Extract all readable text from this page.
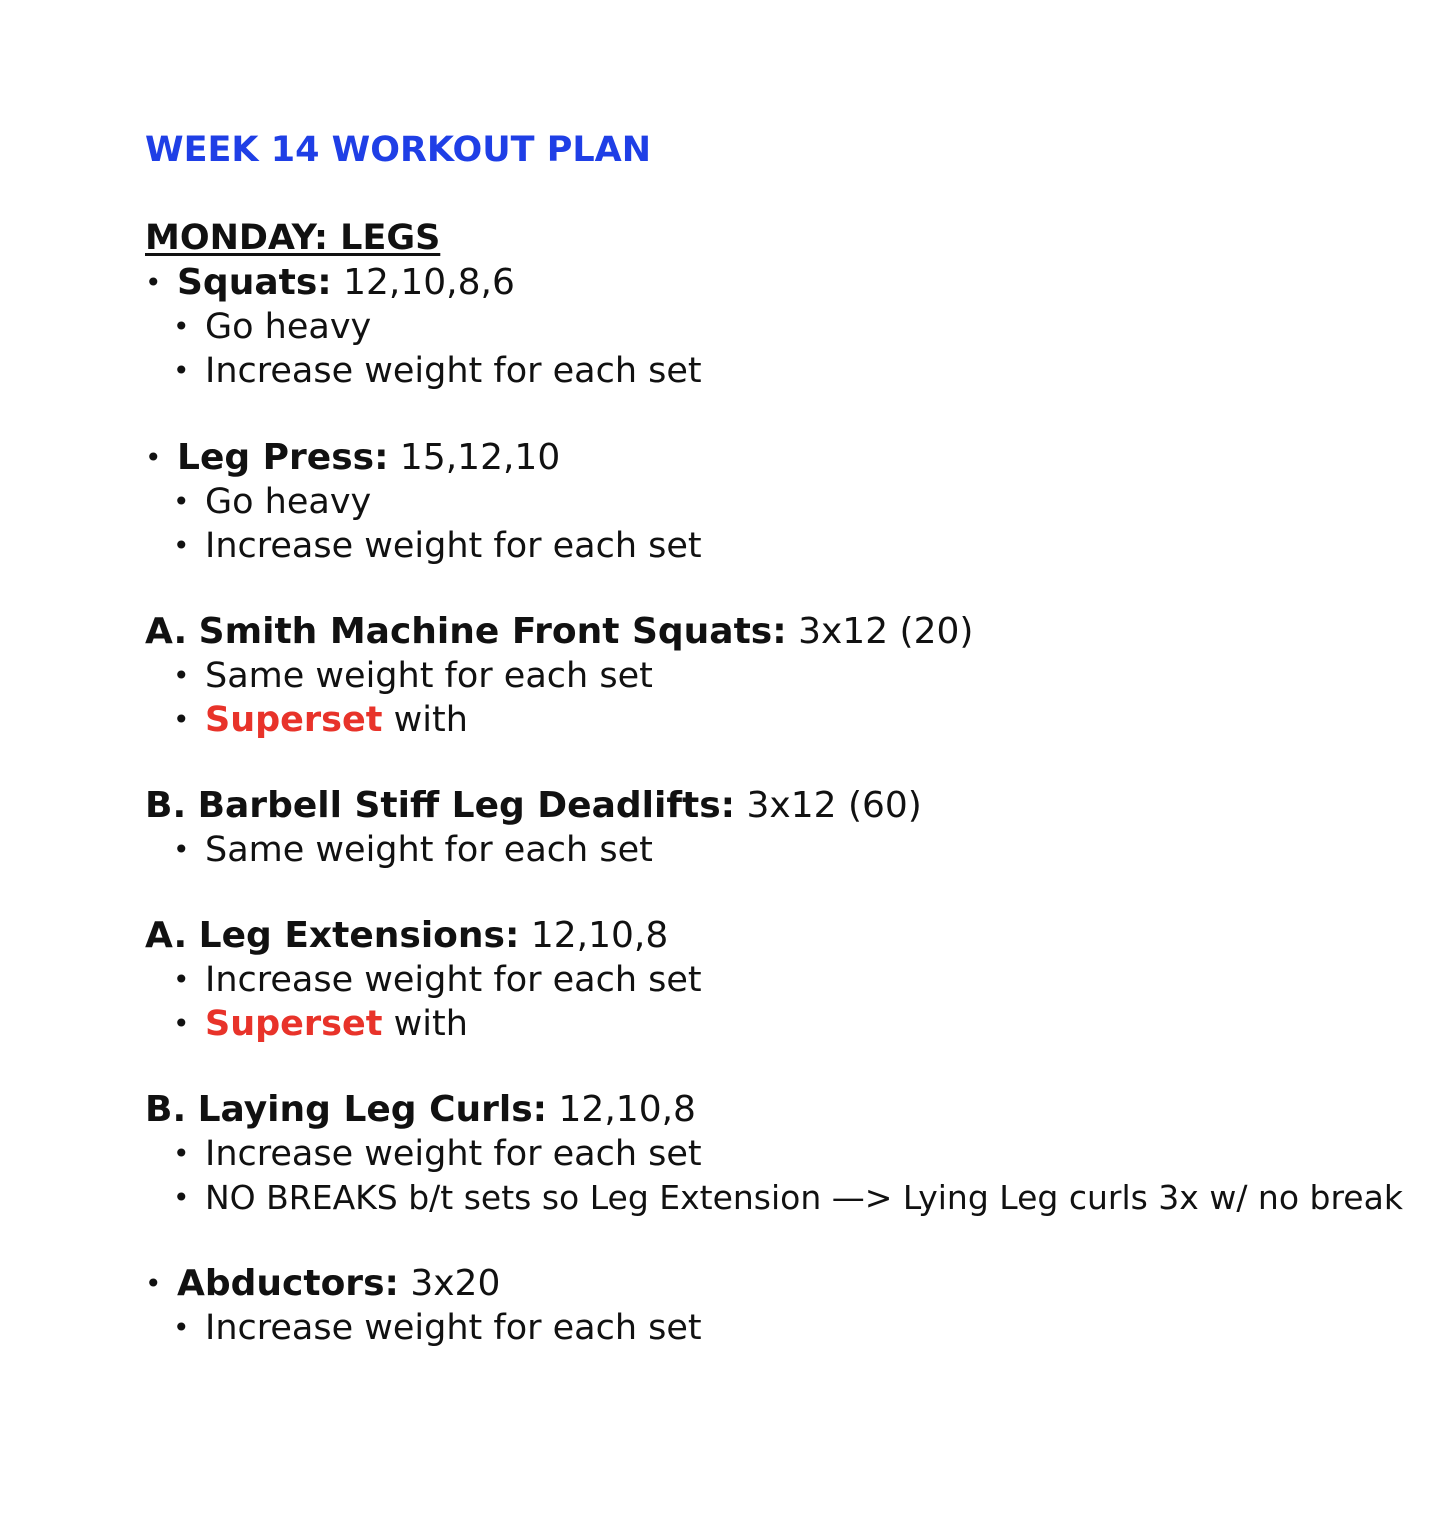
WEEK 14 WORKOUT PLAN
MONDAY: LEGS
• Squats: 12,10,8,6
• Go heavy
• Increase weight for each set
• Leg Press: 15,12,10
• Go heavy
• Increase weight for each set
A. Smith Machine Front Squats: 3x12 (20)
• Same weight for each set
• Superset with
B. Barbell Stiff Leg Deadlifts: 3x12 (60)
• Same weight for each set
A. Leg Extensions: 12,10,8
• Increase weight for each set
• Superset with
B. Laying Leg Curls: 12,10,8
• Increase weight for each set
• NO BREAKS b/t sets so Leg Extension —> Lying Leg curls 3x w/ no break
• Abductors: 3x20
• Increase weight for each set
